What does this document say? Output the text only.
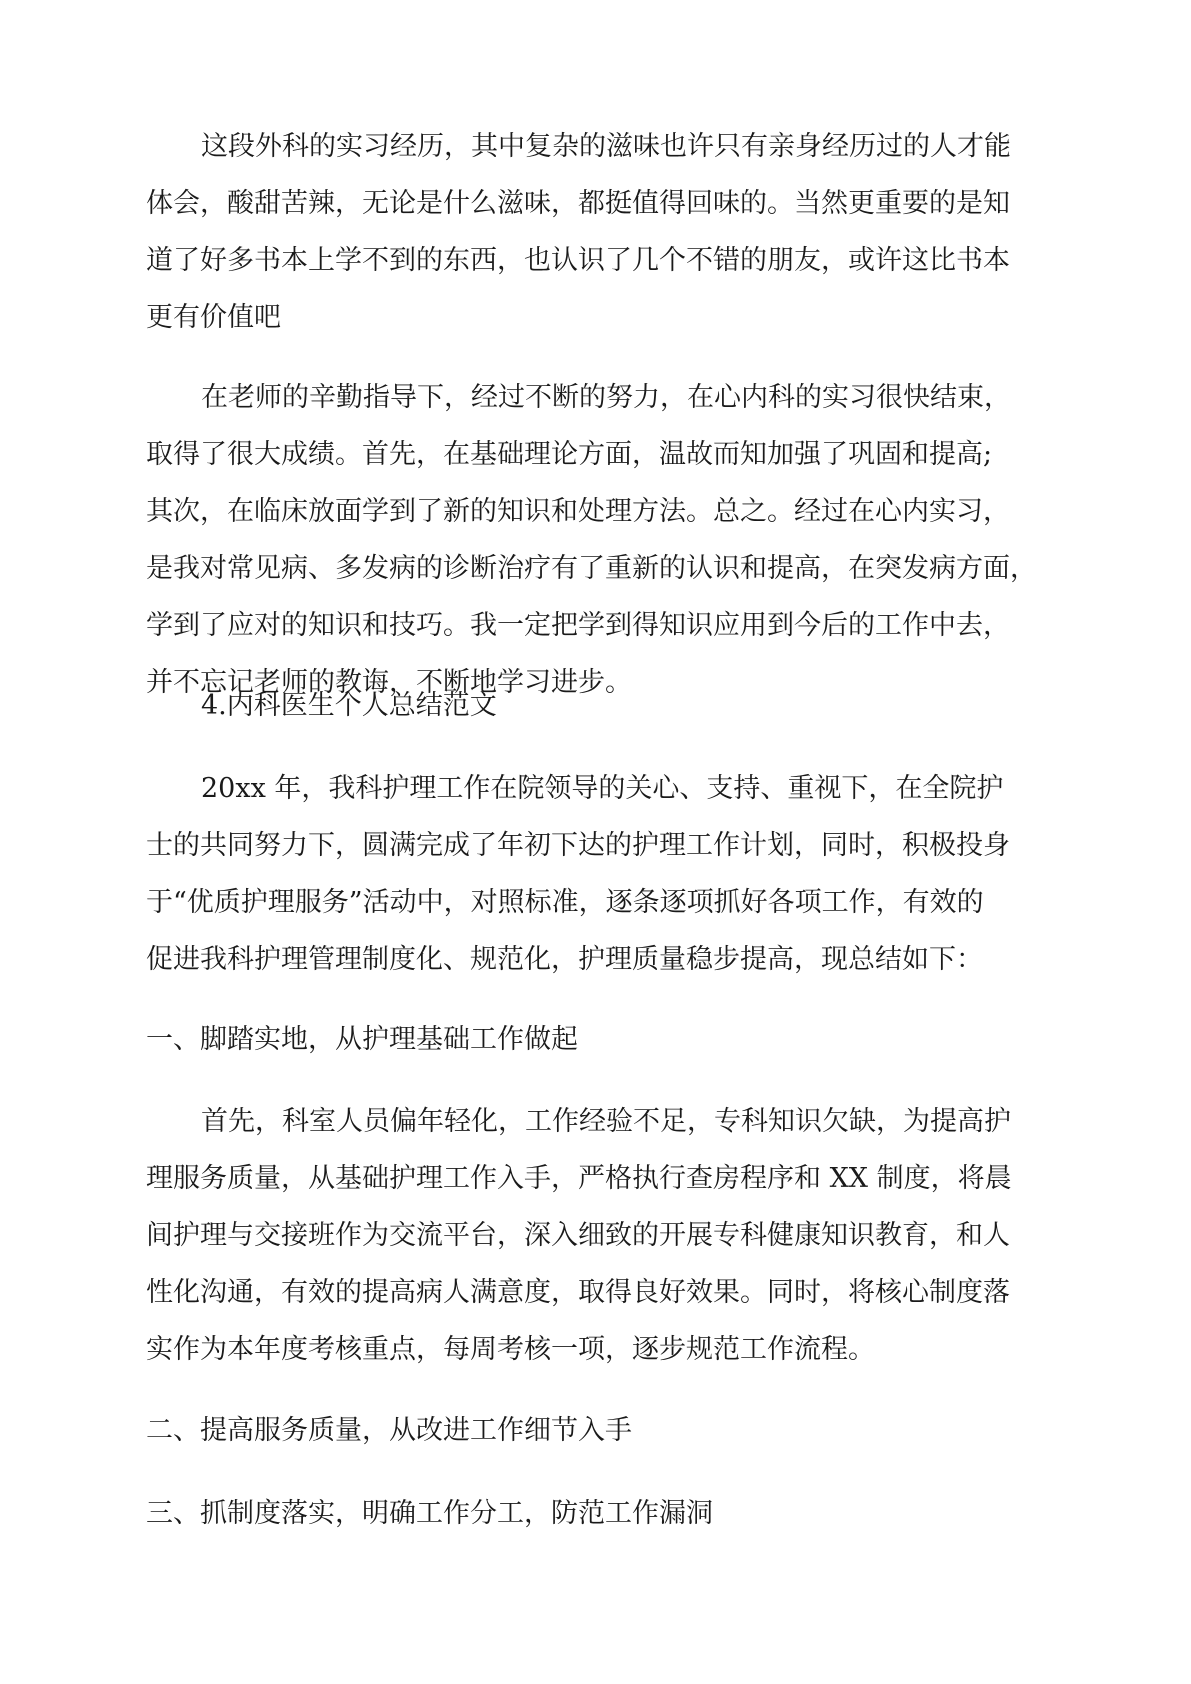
这段外科的实习经历，其中复杂的滋味也许只有亲身经历过的人才能
体会，酸甜苦辣，无论是什么滋味，都挺值得回味的。当然更重要的是知
道了好多书本上学不到的东西，也认识了几个不错的朋友，或许这比书本
更有价值吧
在老师的辛勤指导下，经过不断的努力，在心内科的实习很快结束，
取得了很大成绩。首先，在基础理论方面，温故而知加强了巩固和提高;
其次，在临床放面学到了新的知识和处理方法。总之。经过在心内实习，
是我对常见病、多发病的诊断治疗有了重新的认识和提高，在突发病方面，
学到了应对的知识和技巧。我一定把学到得知识应用到今后的工作中去，
并不忘记老师的教诲，不断地学习进步。
4.内科医生个人总结范文
20xx 年，我科护理工作在院领导的关心、支持、重视下，在全院护
士的共同努力下，圆满完成了年初下达的护理工作计划，同时，积极投身
于“优质护理服务”活动中，对照标准，逐条逐项抓好各项工作，有效的
促进我科护理管理制度化、规范化，护理质量稳步提高，现总结如下：
一、脚踏实地，从护理基础工作做起
首先，科室人员偏年轻化，工作经验不足，专科知识欠缺，为提高护
理服务质量，从基础护理工作入手，严格执行查房程序和 XX 制度，将晨
间护理与交接班作为交流平台，深入细致的开展专科健康知识教育，和人
性化沟通，有效的提高病人满意度，取得良好效果。同时，将核心制度落
实作为本年度考核重点，每周考核一项，逐步规范工作流程。
二、提高服务质量，从改进工作细节入手
三、抓制度落实，明确工作分工，防范工作漏洞
